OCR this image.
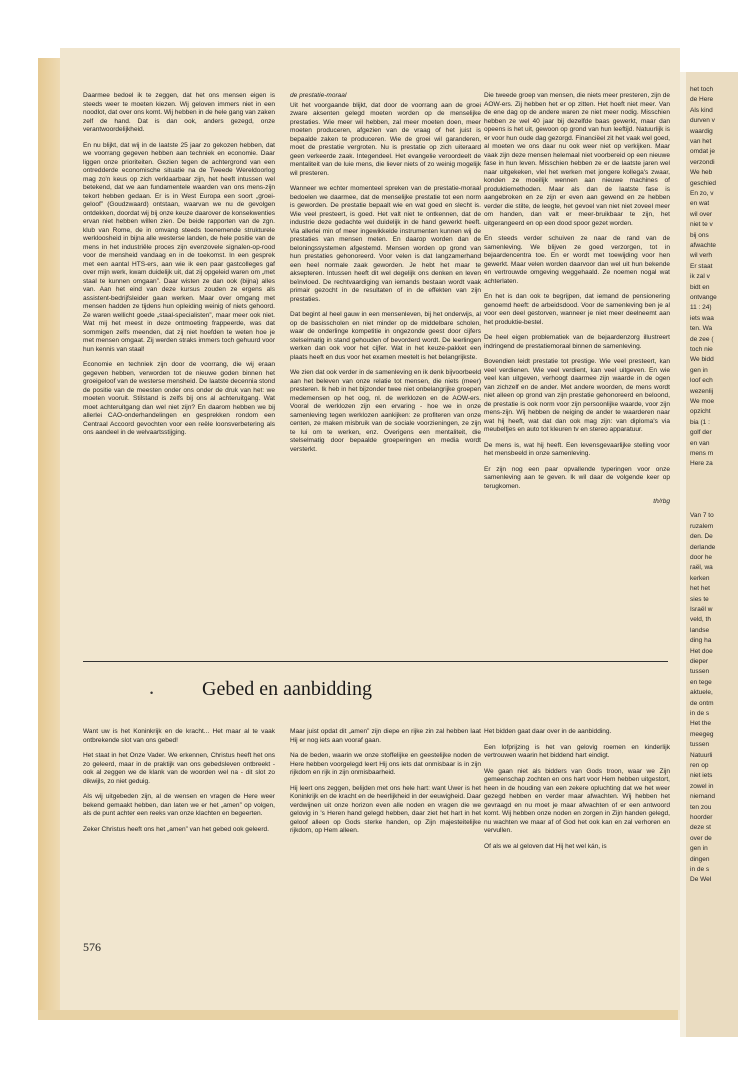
Daarmee bedoel ik te zeggen, dat het ons mensen eigen is steeds weer te moeten kiezen. Wij geloven immers niet in een noodlot, dat over ons komt. Wij hebben in de hele gang van zaken zelf de hand. Dat is dan ook, anders gezegd, onze verantwoordelijkheid.

En nu blijkt, dat wij in de laatste 25 jaar zo gekozen hebben, dat we voorrang gegeven hebben aan techniek en economie. Daar liggen onze prioriteiten. Gezien tegen de achtergrond van een ontredderde economische situatie na de Tweede Wereldoorlog mag zo'n keus op zich verklaarbaar zijn, het heeft intussen wel betekend, dat we aan fundamentele waarden van ons mens-zijn tekort hebben gedaan. Er is in West Europa een soort „groei-geloof” (Goudzwaard) ontstaan, waarvan we nu de gevolgen ontdekken, doordat wij bij onze keuze daarover de konsekwenties ervan niet hebben willen zien. De beide rapporten van de zgn. klub van Rome, de in omvang steeds toenemende strukturele werkloosheid in bijna alle westerse landen, de hele positie van de mens in het industriële proces zijn evenzovele signalen-op-rood voor de mensheid vandaag en in de toekomst. In een gesprek met een aantal HTS-ers, aan wie ik een paar gastcolleges gaf over mijn werk, kwam duidelijk uit, dat zij opgeleid waren om „met staal te kunnen omgaan”. Daar wisten ze dan ook (bijna) alles van. Aan het eind van deze kursus zouden ze ergens als assistent-bedrijfsleider gaan werken. Maar over omgang met mensen hadden ze tijdens hun opleiding weinig of niets gehoord. Ze waren wellicht goede „staal-specialisten”, maar meer ook niet. Wat mij het meest in deze ontmoeting frappeerde, was dat sommigen zelfs meenden, dat zij niet hoefden te weten hoe je met mensen omgaat. Zij werden straks immers toch gehuurd voor hun kennis van staal!

Economie en techniek zijn door de voorrang, die wij eraan gegeven hebben, verworden tot de nieuwe goden binnen het groeigeloof van de westerse mensheid. De laatste decennia stond de positie van de meesten onder ons onder de druk van het: we moeten vooruit. Stilstand is zelfs bij ons al achteruitgang. Wat moet achteruitgang dan wel niet zijn? En daarom hebben we bij allerlei CAO-onderhandelingen en gesprekken rondom een Centraal Accoord gevochten voor een reële loonsverbetering als ons aandeel in de welvaartsstijging.

de prestatie-moraal

Uit het voorgaande blijkt, dat door de voorrang aan de groei zware aksenten gelegd moeten worden op de menselijke prestaties. Wie meer wil hebben, zal meer moeten doen, meer moeten produceren, afgezien van de vraag of het juist is bepaalde zaken te produceren. Wie de groei wil garanderen, moet de prestatie vergroten. Nu is prestatie op zich uiteraard geen verkeerde zaak. Integendeel. Het evangelie veroordeelt de mentaliteit van de luie mens, die liever niets of zo weinig mogelijk wil presteren.

Wanneer we echter momenteel spreken van de prestatie-moraal bedoelen we daarmee, dat de menselijke prestatie tot een norm is geworden. De prestatie bepaalt wie en wat goed en slecht is. Wie veel presteert, is goed. Het valt niet te ontkennen, dat de industrie deze gedachte wel duidelijk in de hand gewerkt heeft. Via allerlei min of meer ingewikkelde instrumenten kunnen wij de prestaties van mensen meten. En daarop worden dan de beloningssystemen afgestemd. Mensen worden op grond van hun prestaties gehonoreerd. Voor velen is dat langzamerhand een heel normale zaak geworden. Je hebt het maar te aksepteren. Intussen heeft dit wel degelijk ons denken en leven beïnvloed. De rechtvaardiging van iemands bestaan wordt vaak primair gezocht in de resultaten of in de effekten van zijn prestaties.

Dat begint al heel gauw in een mensenleven, bij het onderwijs, al op de basisscholen en niet minder op de middelbare scholen, waar de onderlinge kompetitie in ongezonde geest door cijfers stelselmatig in stand gehouden of bevorderd wordt. De leerlingen werken dan ook voor het cijfer. Wat in het keuze-pakket een plaats heeft en dus voor het examen meetelt is het belangrijkste.

We zien dat ook verder in de samenleving en ik denk bijvoorbeeld aan het beleven van onze relatie tot mensen, die niets (meer) presteren. Ik heb in het bijzonder twee niet onbelangrijke groepen medemensen op het oog, nl. de werklozen en de AOW-ers. Vooral de werklozen zijn een ervaring - hoe we in onze samenleving tegen werklozen aankijken: ze profiteren van onze centen, ze maken misbruik van de sociale voorzieningen, ze zijn te lui om te werken, enz. Overigens een mentaliteit, die stelselmatig door bepaalde groeperingen en media wordt versterkt.

Die tweede groep van mensen, die niets meer presteren, zijn de AOW-ers. Zij hebben het er op zitten. Het hoeft niet meer. Van de ene dag op de andere waren ze niet meer nodig. Misschien hebben ze wel 40 jaar bij dezelfde baas gewerkt, maar dan opeens is het uit, gewoon op grond van hun leeftijd. Natuurlijk is er voor hun oude dag gezorgd. Financiëel zit het vaak wel goed, al moeten we ons daar nu ook weer niet op verkijken. Maar vaak zijn deze mensen helemaal niet voorbereid op een nieuwe fase in hun leven. Misschien hebben ze er de laatste jaren wel naar uitgekeken, vlel het werken met jongere kollega's zwaar, konden ze moeilijk wennen aan nieuwe machines of produktiemethoden. Maar als dan de laatste fase is aangebroken en ze zijn er even aan gewend en ze hebben verder die stilte, de leegte, het gevoel van niet niet zoveel meer om handen, dan valt er meer-bruikbaar te zijn, het uitgerangeerd en op een dood spoor gezet worden.

En steeds verder schuiven ze naar de rand van de samenleving. We blijven ze goed verzorgen, tot in bejaardencentra toe. En er wordt met toewijding voor hen gewerkt. Maar velen worden daarvoor dan wel uit hun bekende en vertrouwde omgeving weggehaald. Ze noemen nogal wat achterlaten.

En het is dan ook te begrijpen, dat iemand de pensionering genoemd heeft: de arbeidsdood. Voor de samenleving ben je al voor een deel gestorven, wanneer je niet meer deelneemt aan het produktie-bestel.

De heel eigen problematiek van de bejaardenzorg illustreert indringend de prestatiemoraal binnen de samenleving.

Bovendien leidt prestatie tot prestige. Wie veel presteert, kan veel verdienen. Wie veel verdient, kan veel uitgeven. En wie veel kan uitgeven, verhoogt daarmee zijn waarde in de ogen van zichzelf en de ander. Met andere woorden, de mens wordt niet alleen op grond van zijn prestatie gehonoreerd en beloond, de prestatie is ook norm voor zijn persoonlijke waarde, voor zijn mens-zijn. Wij hebben de neiging de ander te waarderen naar wat hij heeft, wat dat dan ook mag zijn: van diploma's via meubeltjes en auto tot kleuren tv en stereo apparatuur.

De mens is, wat hij heeft. Een levensgevaarlijke stelling voor het mensbeeld in onze samenleving.

Er zijn nog een paar opvallende typeringen voor onze samenleving aan te geven. Ik wil daar de volgende keer op terugkomen.

th/rbg
• Gebed en aanbidding

Want uw is het Koninkrijk en de kracht... Het maar al te vaak ontbrekende slot van ons gebed!

Het staat in het Onze Vader. We erkennen, Christus heeft het ons zo geleerd, maar in de praktijk van ons gebedsleven ontbreekt - ook al zeggen we de klank van de woorden wel na - dit slot zo dikwijls, zo niet geduig.

Als wij uitgebeden zijn, al de wensen en vragen de Here weer bekend gemaakt hebben, dan laten we er het „amen” op volgen, als de punt achter een reeks van onze klachten en begeerten.

Zeker Christus heeft ons het „amen” van het gebed ook geleerd.

Maar juist opdat dit „amen” zijn diepe en rijke zin zal hebben laat Hij er nog iets aan vooraf gaan.

Na de beden, waarin we onze stoffelijke en geestelijke noden de Here hebben voorgelegd leert Hij ons iets dat onmisbaar is in zijn rijkdom en rijk in zijn onmisbaarheid.

Hij leert ons zeggen, belijden met ons hele hart: want Uwer is het Koninkrijk en de kracht en de heerlijkheid in der eeuwigheid. Daar verdwijnen uit onze horizon even alle noden en vragen die we gelovig in 's Heren hand gelegd hebben, daar ziet het hart in het geloof alleen op Gods sterke handen, op Zijn majesteitelijke rijkdom, op Hem alleen.

Het bidden gaat daar over in de aanbidding.

Een lofprijzing is het van gelovig roemen en kinderlijk vertrouwen waarin het biddend hart eindigt.

We gaan niet als bidders van Gods troon, waar we Zijn gemeenschap zochten en ons hart voor Hem hebben uitgestort, heen in de houding van een zekere opluchting dat we het weer gezegd hebben en verder maar afwachten. Wij hebben het gevraagd en nu moet je maar afwachten of er een antwoord komt. Wij hebben onze noden en zorgen in Zijn handen gelegd, nu wachten we maar af of God het ook kan en zal verhoren en vervullen.

Of als we al geloven dat Hij het wel kán, is

576
het toch
de Here
Als kind
durven v
waardig
van het
omdat je
verzondi
We heb
geschied
En zo, v
en wat
wil over
niet te v
bij ons
afwachte
wil verh
Er staat
ik zal v
bidt en
ontvange
11 : 24)
iets waa
ten. Wa
de zee (
toch nie
We bidd
gen in
loof ech
wezenlij
We moe
opzicht
bia (1 :
golf der
en van
mens m
Here za
Van 7 to
ruzalem
den. De
derlande
door he
raël, wa
kerken
het het
sies te
Israël w
veld, th
landse
ding ha
Het doe
dieper
tussen
en tege
aktuele,
de ontm
in de s
Het the
meegeg
tussen
Natuurli
ren op
niet iets
zowel in
niemand
ten zou
hoorder
deze st
over de
gen in
dingen
in de s
De Wel
